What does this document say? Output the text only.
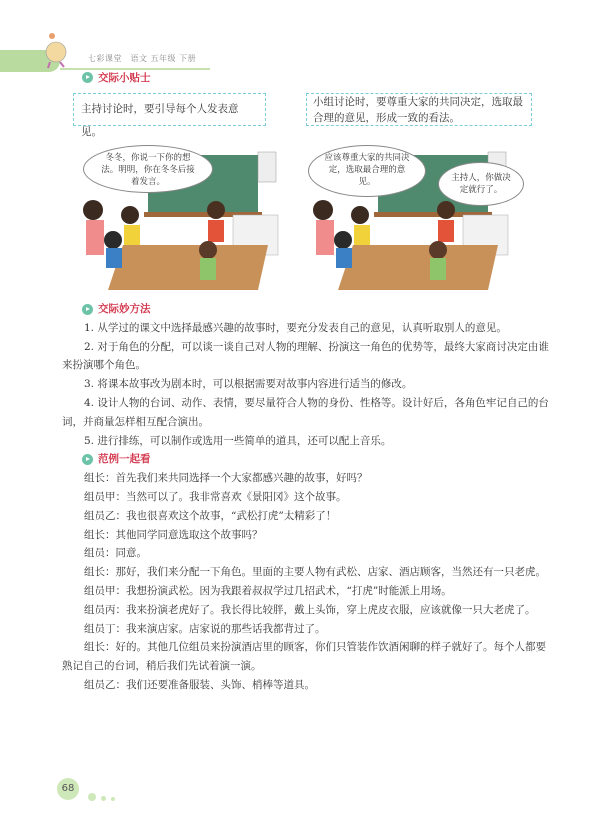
七彩课堂　语文 五年级 下册
交际小贴士
主持讨论时，要引导每个人发表意见。
小组讨论时，要尊重大家的共同决定，选取最合理的意见，形成一致的看法。
冬冬，你说一下你的想法。明明，你在冬冬后接着发言。
应该尊重大家的共同决定，选取最合理的意见。	主持人，你做决定就行了。
交际妙方法

1. 从学过的课文中选择最感兴趣的故事时，要充分发表自己的意见，认真听取别人的意见。

2. 对于角色的分配，可以谈一谈自己对人物的理解、扮演这一角色的优势等，最终大家商讨决定由谁来扮演哪个角色。

3. 将课本故事改为剧本时，可以根据需要对故事内容进行适当的修改。

4. 设计人物的台词、动作、表情，要尽量符合人物的身份、性格等。设计好后，各角色牢记自己的台词，并商量怎样相互配合演出。

5. 进行排练，可以制作或选用一些简单的道具，还可以配上音乐。

范例一起看

组长：首先我们来共同选择一个大家都感兴趣的故事，好吗？

组员甲：当然可以了。我非常喜欢《景阳冈》这个故事。

组员乙：我也很喜欢这个故事，“武松打虎”太精彩了！

组长：其他同学同意选取这个故事吗？

组员：同意。

组长：那好，我们来分配一下角色。里面的主要人物有武松、店家、酒店顾客，当然还有一只老虎。

组员甲：我想扮演武松。因为我跟着叔叔学过几招武术，“打虎”时能派上用场。

组员丙：我来扮演老虎好了。我长得比较胖，戴上头饰，穿上虎皮衣服，应该就像一只大老虎了。

组员丁：我来演店家。店家说的那些话我都背过了。

组长：好的。其他几位组员来扮演酒店里的顾客，你们只管装作饮酒闲聊的样子就好了。每个人都要熟记自己的台词，稍后我们先试着演一演。

组员乙：我们还要准备服装、头饰、梢棒等道具。

68
